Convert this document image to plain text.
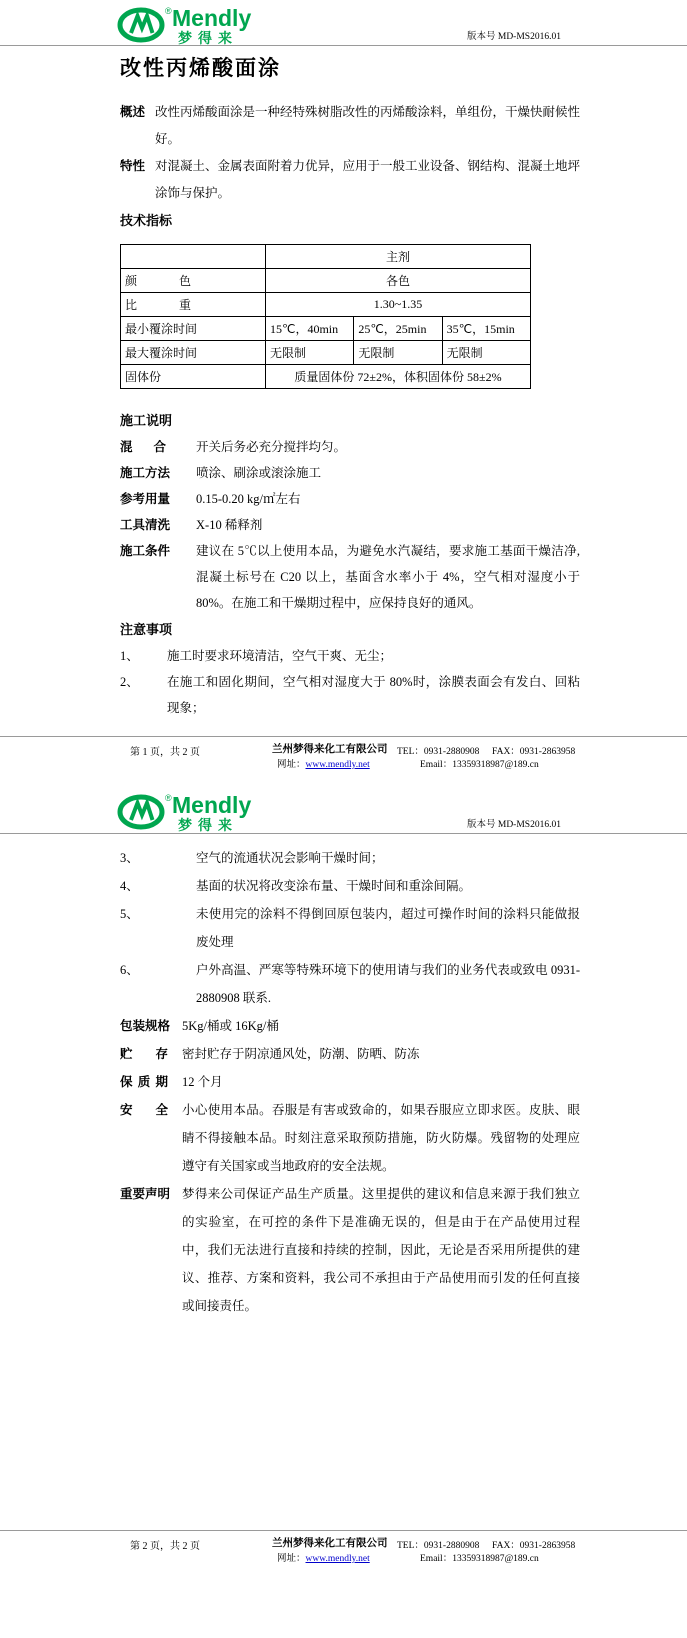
® Mendly
梦得来	版本号 MD-MS2016.01
改性丙烯酸面涂
概述 改性丙烯酸面涂是一种经特殊树脂改性的丙烯酸涂料，单组份，干燥快耐候性好。
特性 对混凝土、金属表面附着力优异，应用于一般工业设备、钢结构、混凝土地坪涂饰与保护。
技术指标
	主剂		
颜色	各色		
比重	1.30~1.35		
最小覆涂时间	15℃，40min	25℃，25min	35℃，15min
最大覆涂时间	无限制	无限制	无限制
固体份	质量固体份 72±2%，体积固体份 58±2%		
施工说明
混合	开关后务必充分搅拌均匀。
施工方法	喷涂、刷涂或滚涂施工
参考用量	0.15-0.20 kg/㎡左右
工具清洗	X-10 稀释剂
施工条件	建议在 5℃以上使用本品，为避免水汽凝结，要求施工基面干燥洁净,混凝土标号在 C20 以上，基面含水率小于 4%，空气相对湿度小于 80%。在施工和干燥期过程中，应保持良好的通风。
注意事项
1、	施工时要求环境清洁，空气干爽、无尘；
2、	在施工和固化期间，空气相对湿度大于 80%时，涂膜表面会有发白、回粘现象；
第 1 页，共 2 页	兰州梦得来化工有限公司 TEL：0931-2880908 FAX：0931-2863958
网址：www.mendly.net	Email：13359318987@189.cn
® Mendly
梦得来	版本号 MD-MS2016.01
3、	空气的流通状况会影响干燥时间；
4、	基面的状况将改变涂布量、干燥时间和重涂间隔。
5、	未使用完的涂料不得倒回原包装内，超过可操作时间的涂料只能做报废处理
6、	户外高温、严寒等特殊环境下的使用请与我们的业务代表或致电 0931-2880908 联系.
包装规格 5Kg/桶或 16Kg/桶
贮存	密封贮存于阴凉通风处，防潮、防晒、防冻
保质期	12 个月
安全	小心使用本品。吞服是有害或致命的，如果吞服应立即求医。皮肤、眼睛不得接触本品。时刻注意采取预防措施，防火防爆。残留物的处理应遵守有关国家或当地政府的安全法规。
重要声明 梦得来公司保证产品生产质量。这里提供的建议和信息来源于我们独立的实验室，在可控的条件下是准确无误的，但是由于在产品使用过程中，我们无法进行直接和持续的控制，因此，无论是否采用所提供的建议、推荐、方案和资料，我公司不承担由于产品使用而引发的任何直接或间接责任。
第 2 页，共 2 页	兰州梦得来化工有限公司 TEL：0931-2880908 FAX：0931-2863958
网址：www.mendly.net	Email：13359318987@189.cn
